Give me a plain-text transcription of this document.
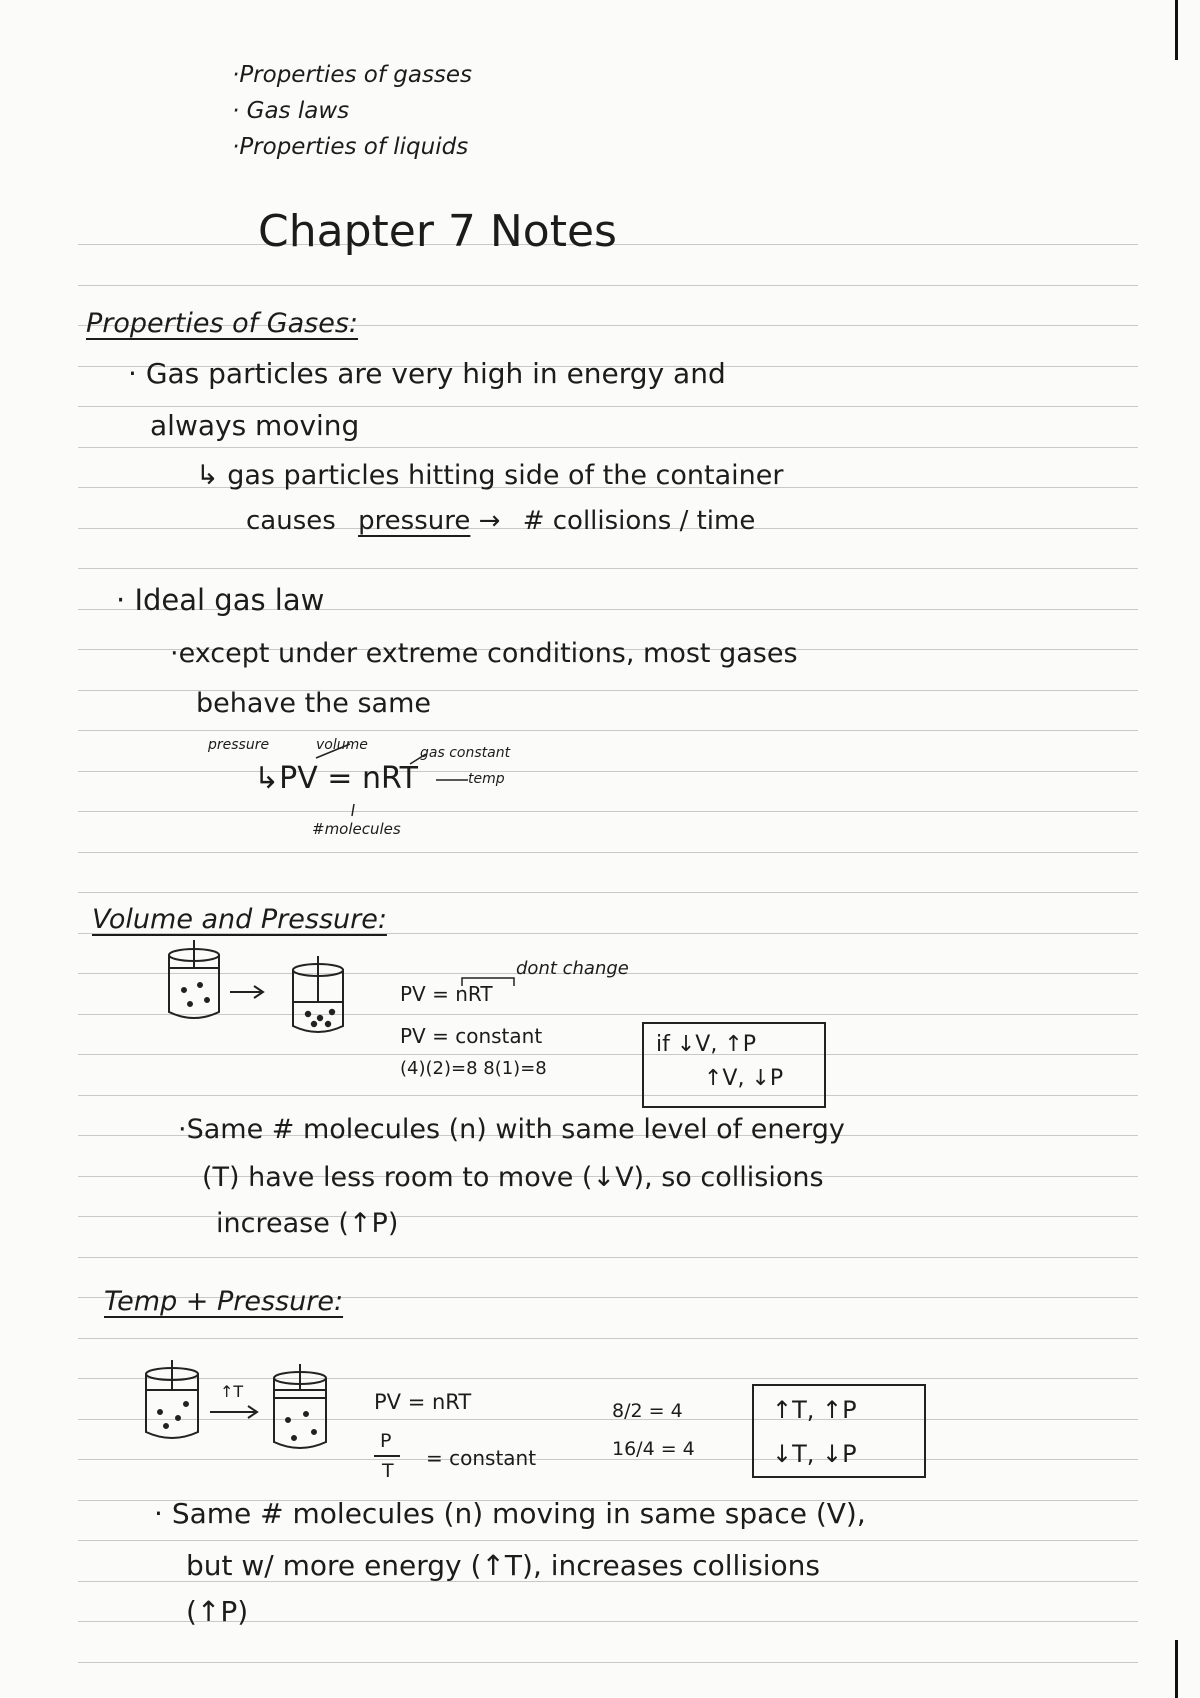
·Properties of gasses
· Gas laws
·Properties of liquids
Chapter 7 Notes
Properties of Gases:
· Gas particles are very high in energy and
always moving
↳ gas particles hitting side of the container
causes pressure → # collisions / time
· Ideal gas law
·except under extreme conditions, most gases
behave the same
pressure	volume	gas constant
↳PV = nRT	temp
#molecules
Volume and Pressure:
PV = nRT
dont change
PV = constant
(4)(2)=8 8(1)=8
if ↓V, ↑P
↑V, ↓P
·Same # molecules (n) with same level of energy
(T) have less room to move (↓V), so collisions
increase (↑P)
Temp + Pressure:
↑T	PV = nRT
P
T
= constant
8/2 = 4
16/4 = 4
↑T, ↑P
↓T, ↓P
· Same # molecules (n) moving in same space (V),
but w/ more energy (↑T), increases collisions
(↑P)
